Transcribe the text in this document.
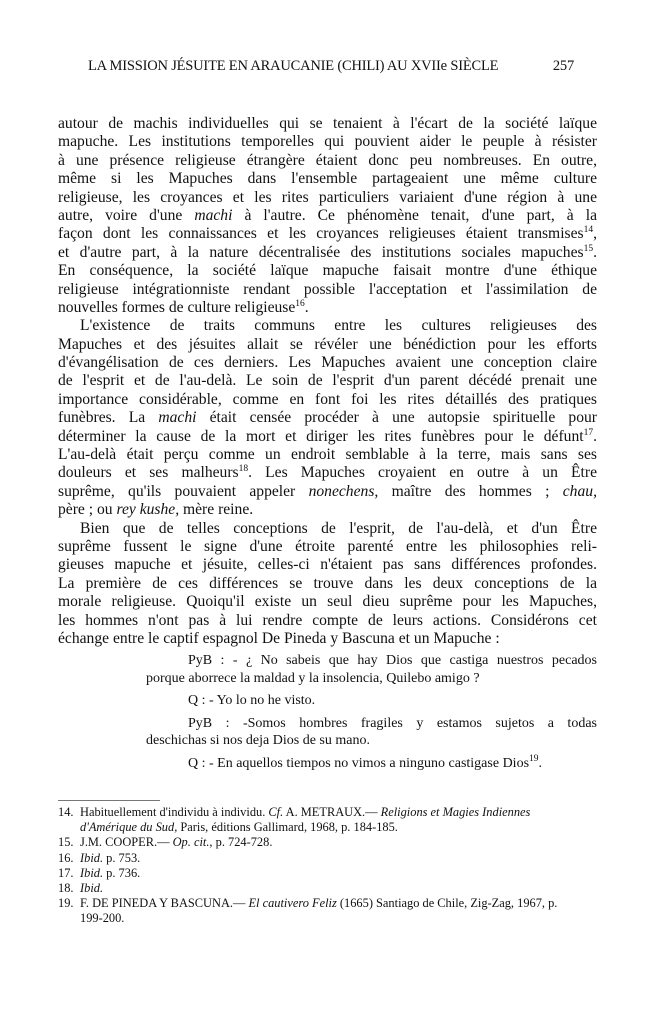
LA MISSION JÉSUITE EN ARAUCANIE (CHILI) AU XVIIe SIÈCLE	257
autour de machis individuelles qui se tenaient à l'écart de la société laïque
mapuche. Les institutions temporelles qui pouvient aider le peuple à résister
à une présence religieuse étrangère étaient donc peu nombreuses. En outre,
même si les Mapuches dans l'ensemble partageaient une même culture
religieuse, les croyances et les rites particuliers variaient d'une région à une
autre, voire d'une machi à l'autre. Ce phénomène tenait, d'une part, à la
façon dont les connaissances et les croyances religieuses étaient transmises$^{14}$,
et d'autre part, à la nature décentralisée des institutions sociales mapuches$^{15}$.
En conséquence, la société laïque mapuche faisait montre d'une éthique
religieuse intégrationniste rendant possible l'acceptation et l'assimilation de
nouvelles formes de culture religieuse$^{16}$.
L'existence de traits communs entre les cultures religieuses des
Mapuches et des jésuites allait se révéler une bénédiction pour les efforts
d'évangélisation de ces derniers. Les Mapuches avaient une conception claire
de l'esprit et de l'au-delà. Le soin de l'esprit d'un parent décédé prenait une
importance considérable, comme en font foi les rites détaillés des pratiques
funèbres. La machi était censée procéder à une autopsie spirituelle pour
déterminer la cause de la mort et diriger les rites funèbres pour le défunt$^{17}$.
L'au-delà était perçu comme un endroit semblable à la terre, mais sans ses
douleurs et ses malheurs$^{18}$. Les Mapuches croyaient en outre à un Être
suprême, qu'ils pouvaient appeler nonechens, maître des hommes ; chau,
père ; ou rey kushe, mère reine.
Bien que de telles conceptions de l'esprit, de l'au-delà, et d'un Être
suprême fussent le signe d'une étroite parenté entre les philosophies reli-
gieuses mapuche et jésuite, celles-ci n'étaient pas sans différences profondes.
La première de ces différences se trouve dans les deux conceptions de la
morale religieuse. Quoiqu'il existe un seul dieu suprême pour les Mapuches,
les hommes n'ont pas à lui rendre compte de leurs actions. Considérons cet
échange entre le captif espagnol De Pineda y Bascuna et un Mapuche :
PyB : - ¿ No sabeis que hay Dios que castiga nuestros pecados
porque aborrece la maldad y la insolencia, Quilebo amigo ?
Q : - Yo lo no he visto.
PyB : -Somos hombres fragiles y estamos sujetos a todas
deschichas si nos deja Dios de su mano.
Q : - En aquellos tiempos no vimos a ninguno castigase Dios$^{19}$.
14. Habituellement d'individu à individu. Cf. A. METRAUX.— Religions et Magies Indiennes d'Amérique du Sud, Paris, éditions Gallimard, 1968, p. 184-185.
15. J.M. COOPER.— Op. cit., p. 724-728.
16. Ibid. p. 753.
17. Ibid. p. 736.
18. Ibid.
19. F. DE PINEDA Y BASCUNA.— El cautivero Feliz (1665) Santiago de Chile, Zig-Zag, 1967, p. 199-200.
